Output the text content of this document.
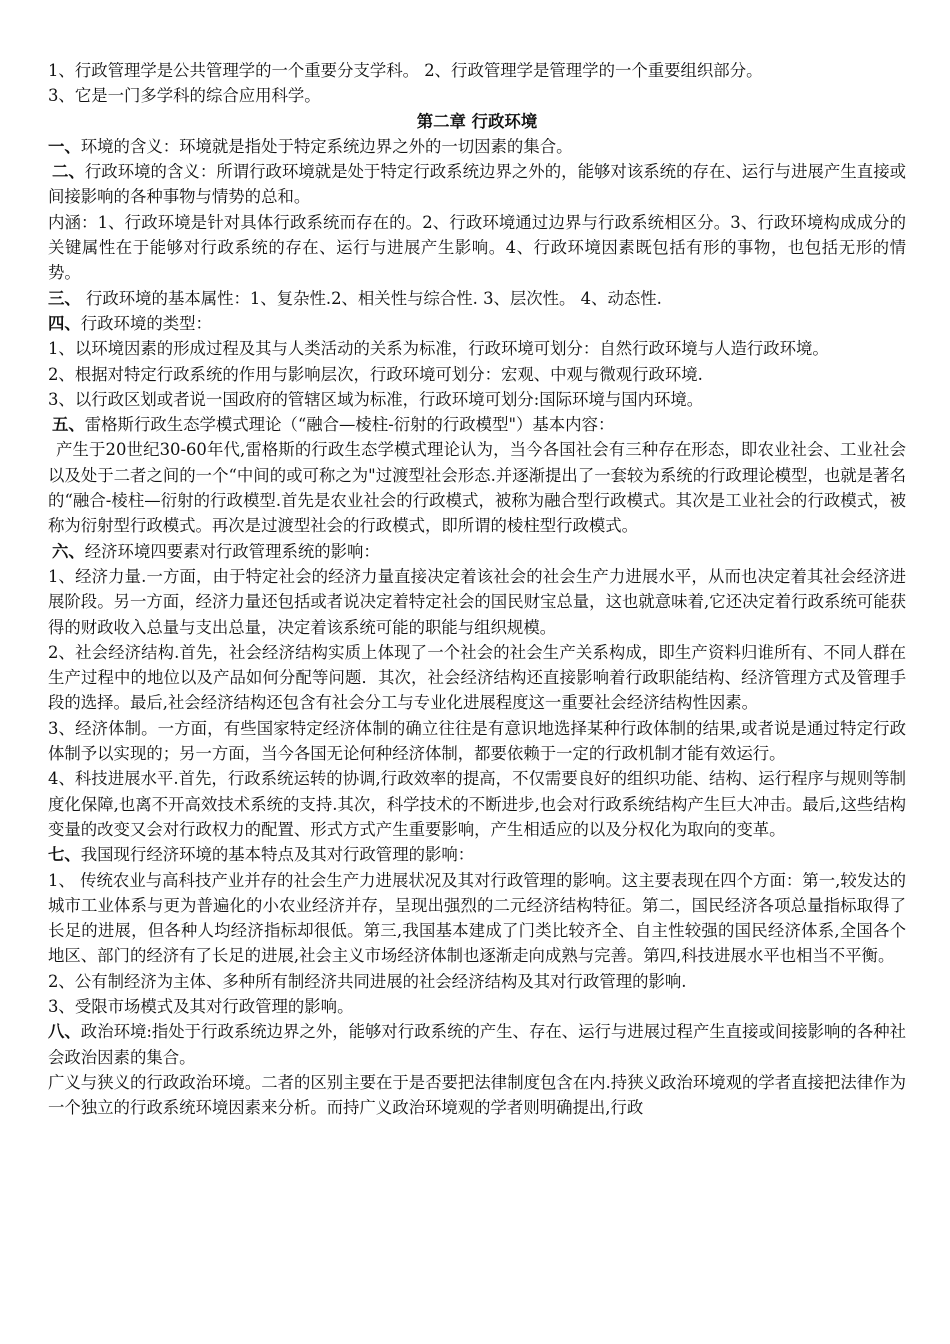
1、行政管理学是公共管理学的一个重要分支学科。 2、行政管理学是管理学的一个重要组织部分。

3、它是一门多学科的综合应用科学。

第二章 行政环境

一、环境的含义：环境就是指处于特定系统边界之外的一切因素的集合。

二、行政环境的含义：所谓行政环境就是处于特定行政系统边界之外的，能够对该系统的存在、运行与进展产生直接或间接影响的各种事物与情势的总和。

内涵：1、行政环境是针对具体行政系统而存在的。2、行政环境通过边界与行政系统相区分。3、行政环境构成成分的关键属性在于能够对行政系统的存在、运行与进展产生影响。4、行政环境因素既包括有形的事物，也包括无形的情势。

三、 行政环境的基本属性：1、复杂性.2、相关性与综合性. 3、层次性。 4、动态性.

四、行政环境的类型：

1、以环境因素的形成过程及其与人类活动的关系为标准，行政环境可划分：自然行政环境与人造行政环境。

2、根据对特定行政系统的作用与影响层次，行政环境可划分：宏观、中观与微观行政环境.

3、以行政区划或者说一国政府的管辖区域为标准，行政环境可划分:国际环境与国内环境。

五、雷格斯行政生态学模式理论（“融合—棱柱-衍射的行政模型"）基本内容：

产生于20世纪30-60年代,雷格斯的行政生态学模式理论认为，当今各国社会有三种存在形态，即农业社会、工业社会以及处于二者之间的一个“中间的或可称之为"过渡型社会形态.并逐渐提出了一套较为系统的行政理论模型，也就是著名的“融合-棱柱—衍射的行政模型.首先是农业社会的行政模式，被称为融合型行政模式。其次是工业社会的行政模式，被称为衍射型行政模式。再次是过渡型社会的行政模式，即所谓的棱柱型行政模式。

六、经济环境四要素对行政管理系统的影响：

1、经济力量.一方面，由于特定社会的经济力量直接决定着该社会的社会生产力进展水平，从而也决定着其社会经济进展阶段。另一方面，经济力量还包括或者说决定着特定社会的国民财宝总量，这也就意味着,它还决定着行政系统可能获得的财政收入总量与支出总量，决定着该系统可能的职能与组织规模。

2、社会经济结构.首先，社会经济结构实质上体现了一个社会的社会生产关系构成，即生产资料归谁所有、不同人群在生产过程中的地位以及产品如何分配等问题．其次，社会经济结构还直接影响着行政职能结构、经济管理方式及管理手段的选择。最后,社会经济结构还包含有社会分工与专业化进展程度这一重要社会经济结构性因素。

3、经济体制。一方面，有些国家特定经济体制的确立往往是有意识地选择某种行政体制的结果,或者说是通过特定行政体制予以实现的；另一方面，当今各国无论何种经济体制，都要依赖于一定的行政机制才能有效运行。

4、科技进展水平.首先，行政系统运转的协调,行政效率的提高，不仅需要良好的组织功能、结构、运行程序与规则等制度化保障,也离不开高效技术系统的支持.其次，科学技术的不断进步,也会对行政系统结构产生巨大冲击。最后,这些结构变量的改变又会对行政权力的配置、形式方式产生重要影响，产生相适应的以及分权化为取向的变革。

七、我国现行经济环境的基本特点及其对行政管理的影响：

1、 传统农业与高科技产业并存的社会生产力进展状况及其对行政管理的影响。这主要表现在四个方面：第一,较发达的城市工业体系与更为普遍化的小农业经济并存，呈现出强烈的二元经济结构特征。第二，国民经济各项总量指标取得了长足的进展，但各种人均经济指标却很低。第三,我国基本建成了门类比较齐全、自主性较强的国民经济体系,全国各个地区、部门的经济有了长足的进展,社会主义市场经济体制也逐渐走向成熟与完善。第四,科技进展水平也相当不平衡。

2、公有制经济为主体、多种所有制经济共同进展的社会经济结构及其对行政管理的影响.

3、受限市场模式及其对行政管理的影响。

八、政治环境:指处于行政系统边界之外，能够对行政系统的产生、存在、运行与进展过程产生直接或间接影响的各种社会政治因素的集合。

广义与狭义的行政政治环境。二者的区别主要在于是否要把法律制度包含在内.持狭义政治环境观的学者直接把法律作为一个独立的行政系统环境因素来分析。而持广义政治环境观的学者则明确提出,行政
